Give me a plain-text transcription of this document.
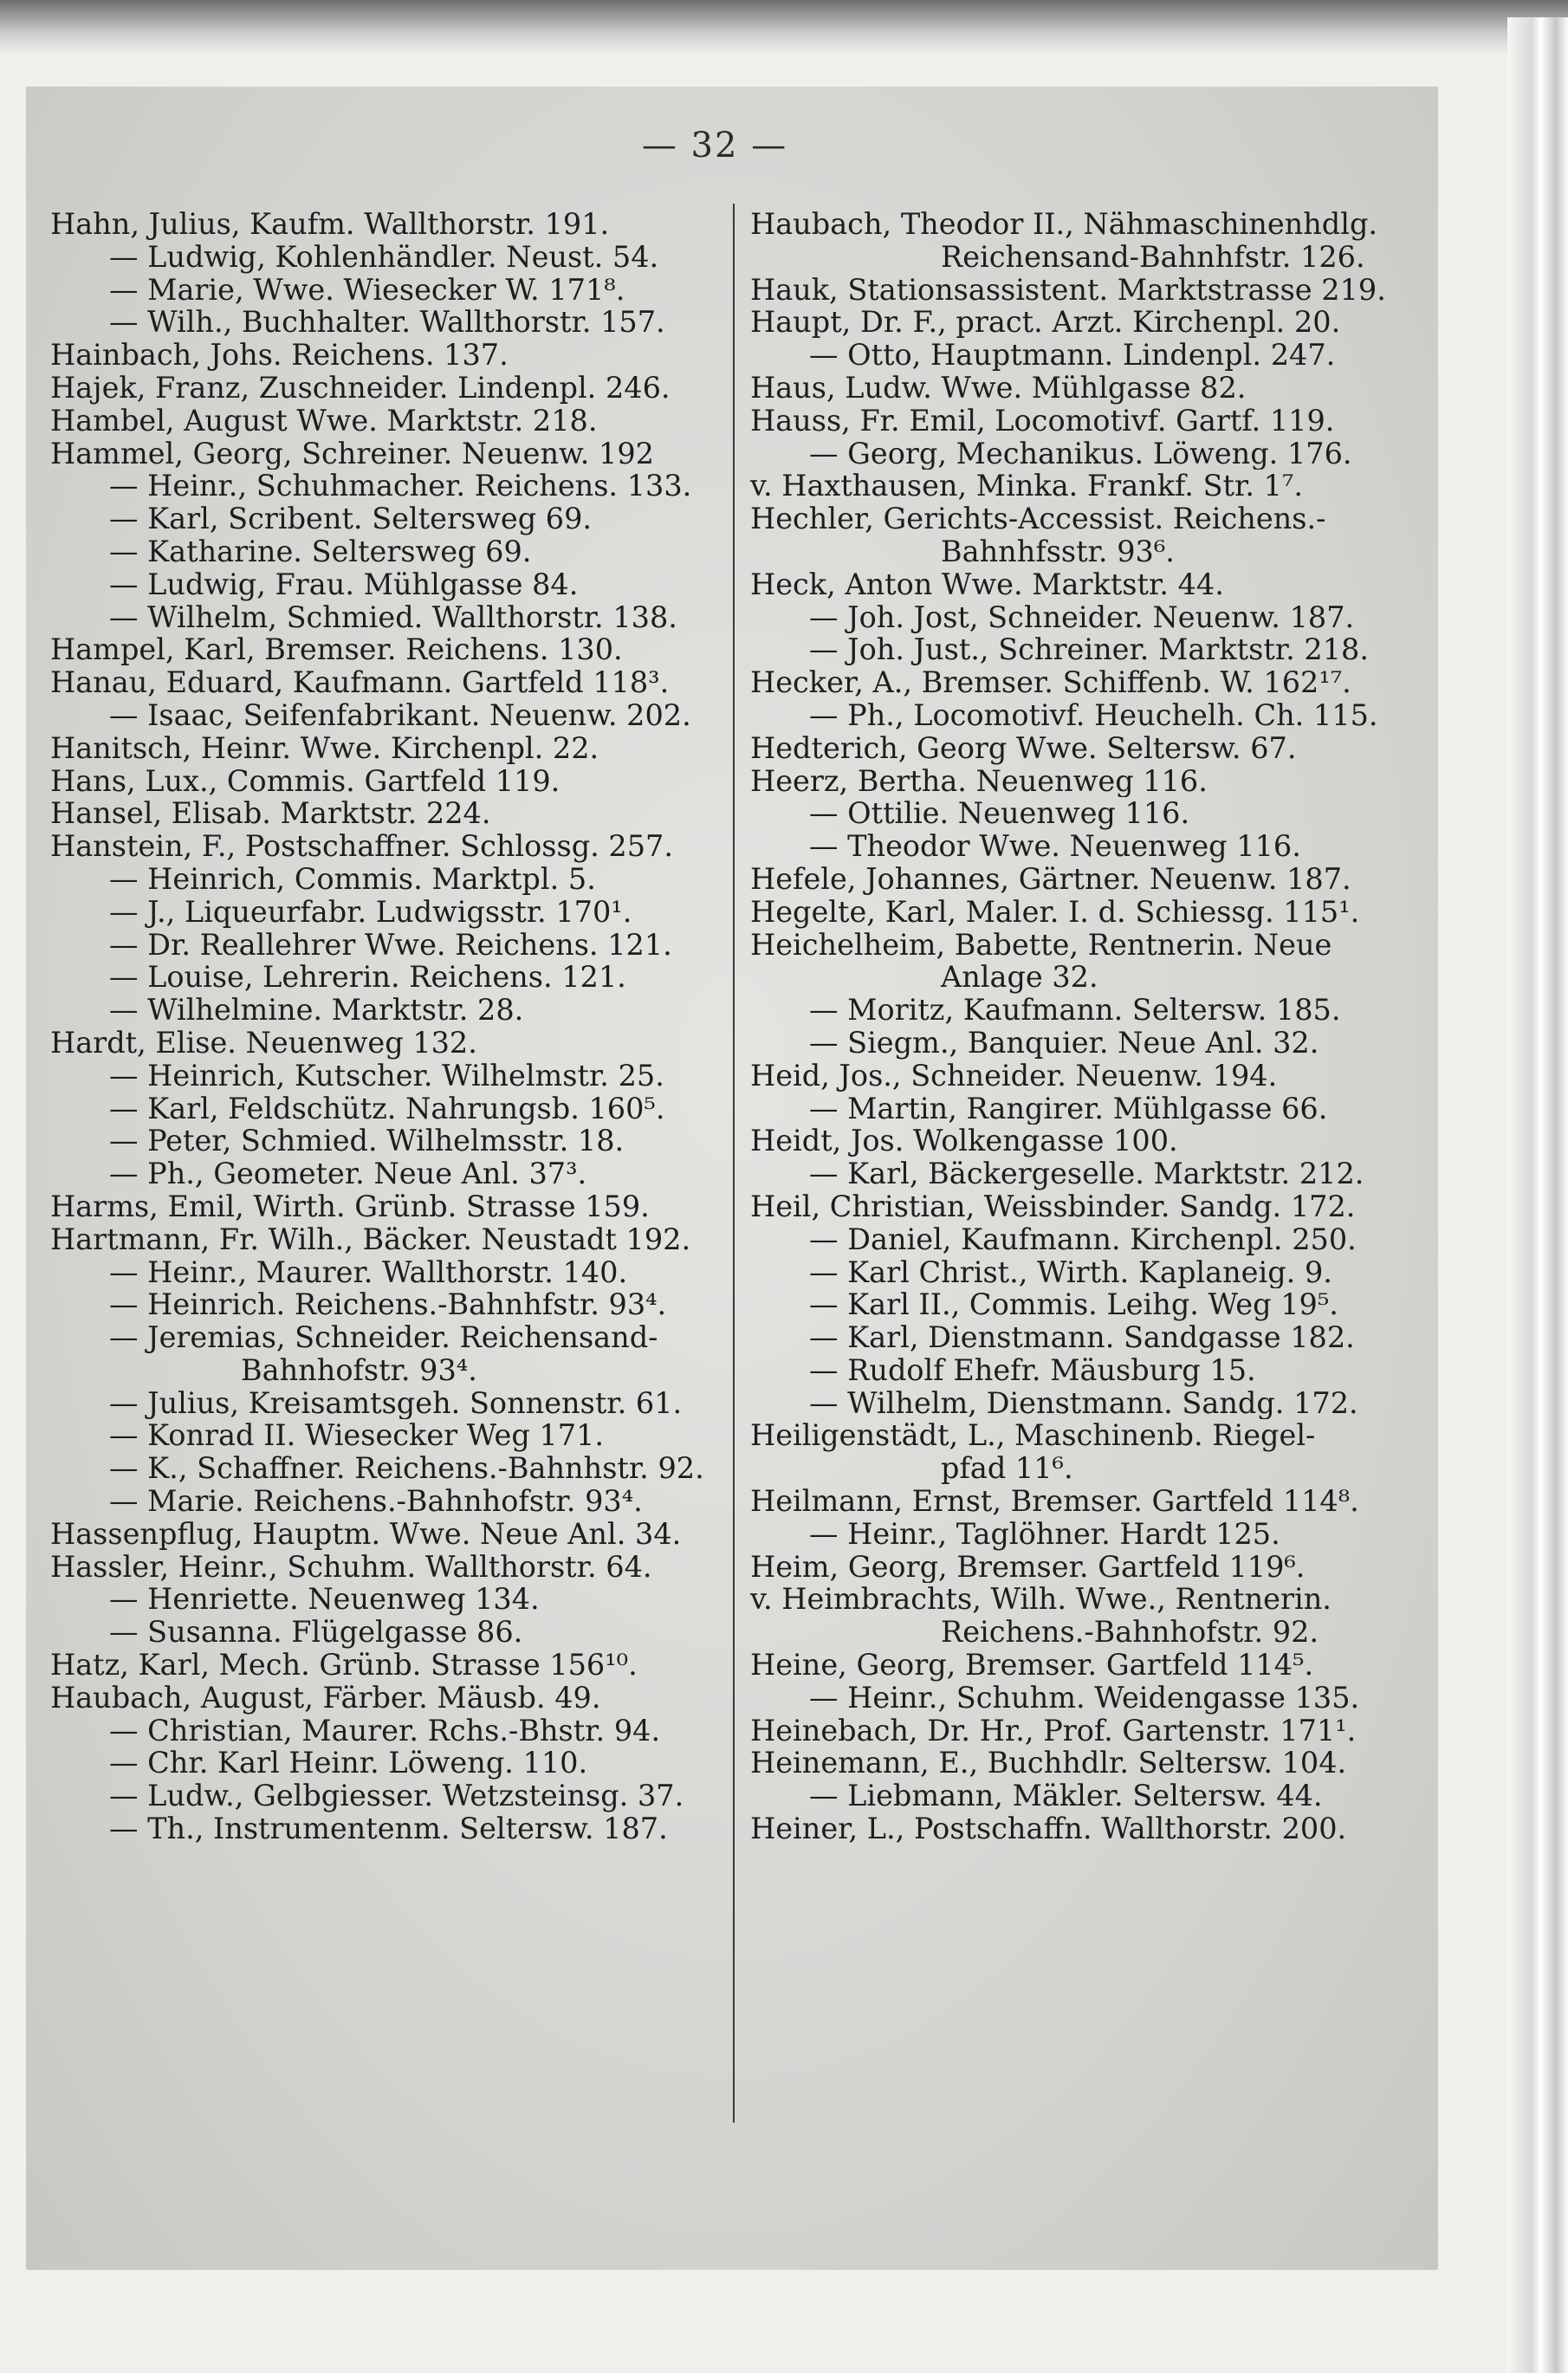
— 32 —
Hahn, Julius, Kaufm. Wallthorstr. 191.
— Ludwig, Kohlenhändler. Neust. 54.
— Marie, Wwe. Wiesecker W. 171⁸.
— Wilh., Buchhalter. Wallthorstr. 157.
Hainbach, Johs. Reichens. 137.
Hajek, Franz, Zuschneider. Lindenpl. 246.
Hambel, August Wwe. Marktstr. 218.
Hammel, Georg, Schreiner. Neuenw. 192
— Heinr., Schuhmacher. Reichens. 133.
— Karl, Scribent. Seltersweg 69.
— Katharine. Seltersweg 69.
— Ludwig, Frau. Mühlgasse 84.
— Wilhelm, Schmied. Wallthorstr. 138.
Hampel, Karl, Bremser. Reichens. 130.
Hanau, Eduard, Kaufmann. Gartfeld 118³.
— Isaac, Seifenfabrikant. Neuenw. 202.
Hanitsch, Heinr. Wwe. Kirchenpl. 22.
Hans, Lux., Commis. Gartfeld 119.
Hansel, Elisab. Marktstr. 224.
Hanstein, F., Postschaffner. Schlossg. 257.
— Heinrich, Commis. Marktpl. 5.
— J., Liqueurfabr. Ludwigsstr. 170¹.
— Dr. Reallehrer Wwe. Reichens. 121.
— Louise, Lehrerin. Reichens. 121.
— Wilhelmine. Marktstr. 28.
Hardt, Elise. Neuenweg 132.
— Heinrich, Kutscher. Wilhelmstr. 25.
— Karl, Feldschütz. Nahrungsb. 160⁵.
— Peter, Schmied. Wilhelmsstr. 18.
— Ph., Geometer. Neue Anl. 37³.
Harms, Emil, Wirth. Grünb. Strasse 159.
Hartmann, Fr. Wilh., Bäcker. Neustadt 192.
— Heinr., Maurer. Wallthorstr. 140.
— Heinrich. Reichens.-Bahnhfstr. 93⁴.
— Jeremias, Schneider. Reichensand-
Bahnhofstr. 93⁴.
— Julius, Kreisamtsgeh. Sonnenstr. 61.
— Konrad II. Wiesecker Weg 171.
— K., Schaffner. Reichens.-Bahnhstr. 92.
— Marie. Reichens.-Bahnhofstr. 93⁴.
Hassenpflug, Hauptm. Wwe. Neue Anl. 34.
Hassler, Heinr., Schuhm. Wallthorstr. 64.
— Henriette. Neuenweg 134.
— Susanna. Flügelgasse 86.
Hatz, Karl, Mech. Grünb. Strasse 156¹⁰.
Haubach, August, Färber. Mäusb. 49.
— Christian, Maurer. Rchs.-Bhstr. 94.
— Chr. Karl Heinr. Löweng. 110.
— Ludw., Gelbgiesser. Wetzsteinsg. 37.
— Th., Instrumentenm. Seltersw. 187.
Haubach, Theodor II., Nähmaschinenhdlg.
Reichensand-Bahnhfstr. 126.
Hauk, Stationsassistent. Marktstrasse 219.
Haupt, Dr. F., pract. Arzt. Kirchenpl. 20.
— Otto, Hauptmann. Lindenpl. 247.
Haus, Ludw. Wwe. Mühlgasse 82.
Hauss, Fr. Emil, Locomotivf. Gartf. 119.
— Georg, Mechanikus. Löweng. 176.
v. Haxthausen, Minka. Frankf. Str. 1⁷.
Hechler, Gerichts-Accessist. Reichens.-
Bahnhfsstr. 93⁶.
Heck, Anton Wwe. Marktstr. 44.
— Joh. Jost, Schneider. Neuenw. 187.
— Joh. Just., Schreiner. Marktstr. 218.
Hecker, A., Bremser. Schiffenb. W. 162¹⁷.
— Ph., Locomotivf. Heuchelh. Ch. 115.
Hedterich, Georg Wwe. Seltersw. 67.
Heerz, Bertha. Neuenweg 116.
— Ottilie. Neuenweg 116.
— Theodor Wwe. Neuenweg 116.
Hefele, Johannes, Gärtner. Neuenw. 187.
Hegelte, Karl, Maler. I. d. Schiessg. 115¹.
Heichelheim, Babette, Rentnerin. Neue
Anlage 32.
— Moritz, Kaufmann. Seltersw. 185.
— Siegm., Banquier. Neue Anl. 32.
Heid, Jos., Schneider. Neuenw. 194.
— Martin, Rangirer. Mühlgasse 66.
Heidt, Jos. Wolkengasse 100.
— Karl, Bäckergeselle. Marktstr. 212.
Heil, Christian, Weissbinder. Sandg. 172.
— Daniel, Kaufmann. Kirchenpl. 250.
— Karl Christ., Wirth. Kaplaneig. 9.
— Karl II., Commis. Leihg. Weg 19⁵.
— Karl, Dienstmann. Sandgasse 182.
— Rudolf Ehefr. Mäusburg 15.
— Wilhelm, Dienstmann. Sandg. 172.
Heiligenstädt, L., Maschinenb. Riegel-
pfad 11⁶.
Heilmann, Ernst, Bremser. Gartfeld 114⁸.
— Heinr., Taglöhner. Hardt 125.
Heim, Georg, Bremser. Gartfeld 119⁶.
v. Heimbrachts, Wilh. Wwe., Rentnerin.
Reichens.-Bahnhofstr. 92.
Heine, Georg, Bremser. Gartfeld 114⁵.
— Heinr., Schuhm. Weidengasse 135.
Heinebach, Dr. Hr., Prof. Gartenstr. 171¹.
Heinemann, E., Buchhdlr. Seltersw. 104.
— Liebmann, Mäkler. Seltersw. 44.
Heiner, L., Postschaffn. Wallthorstr. 200.
